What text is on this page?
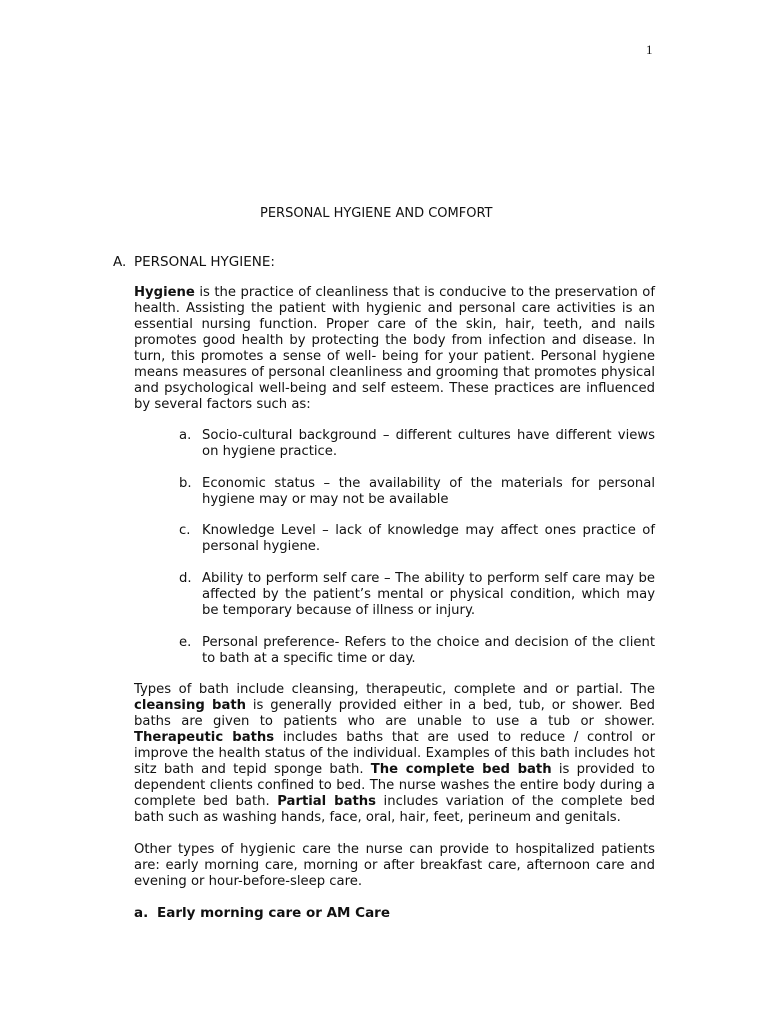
1
PERSONAL HYGIENE AND COMFORT
A. PERSONAL HYGIENE:
Hygiene is the practice of cleanliness that is conducive to the preservation of health. Assisting the patient with hygienic and personal care activities is an essential nursing function. Proper care of the skin, hair, teeth, and nails promotes good health by protecting the body from infection and disease. In turn, this promotes a sense of well- being for your patient. Personal hygiene means measures of personal cleanliness and grooming that promotes physical and psychological well-being and self esteem. These practices are influenced by several factors such as:
a. Socio-cultural background – different cultures have different views on hygiene practice.
b. Economic status – the availability of the materials for personal hygiene may or may not be available
c. Knowledge Level – lack of knowledge may affect ones practice of personal hygiene.
d. Ability to perform self care – The ability to perform self care may be affected by the patient’s mental or physical condition, which may be temporary because of illness or injury.
e. Personal preference- Refers to the choice and decision of the client to bath at a specific time or day.
Types of bath include cleansing, therapeutic, complete and or partial. The cleansing bath is generally provided either in a bed, tub, or shower. Bed baths are given to patients who are unable to use a tub or shower. Therapeutic baths includes baths that are used to reduce / control or improve the health status of the individual. Examples of this bath includes hot sitz bath and tepid sponge bath. The complete bed bath is provided to dependent clients confined to bed. The nurse washes the entire body during a complete bed bath. Partial baths includes variation of the complete bed bath such as washing hands, face, oral, hair, feet, perineum and genitals.
Other types of hygienic care the nurse can provide to hospitalized patients are: early morning care, morning or after breakfast care, afternoon care and evening or hour-before-sleep care.
a. Early morning care or AM Care
